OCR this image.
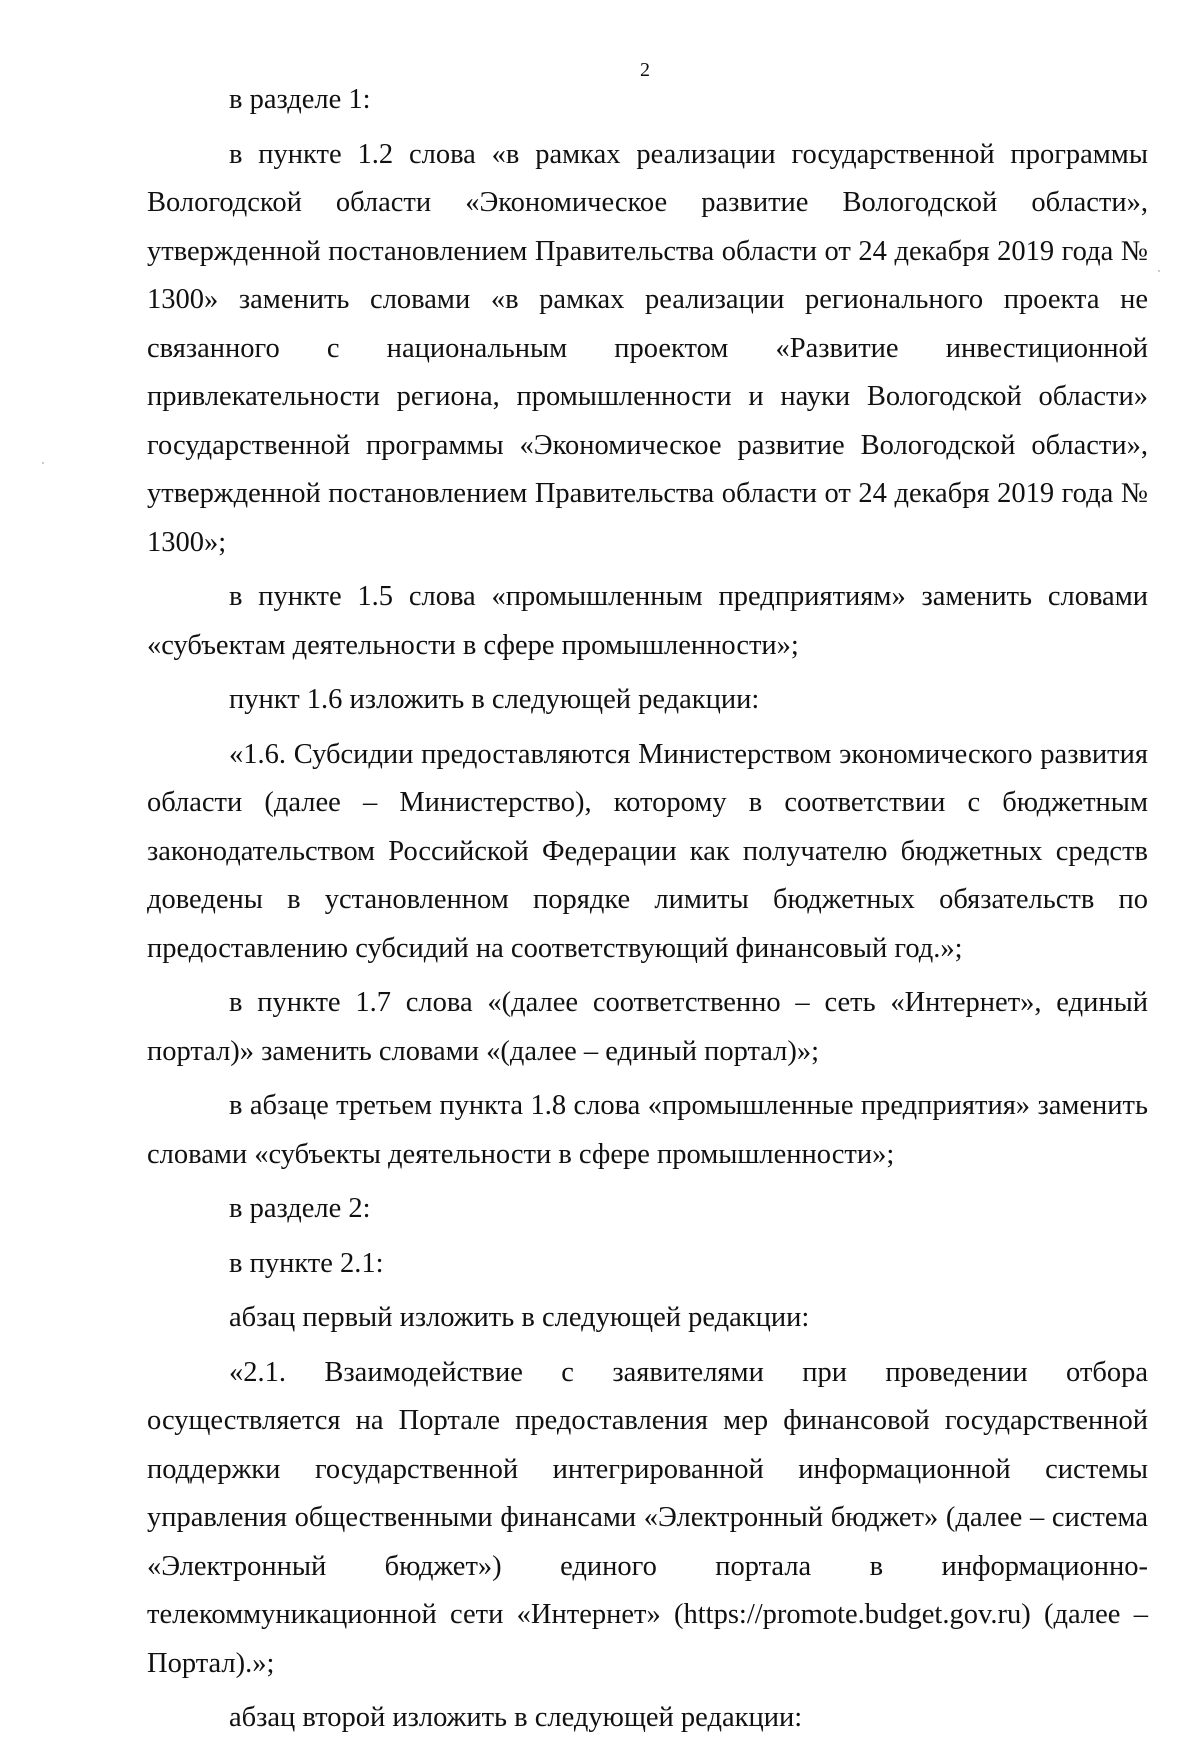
2

в разделе 1:

в пункте 1.2 слова «в рамках реализации государственной программы Вологодской области «Экономическое развитие Вологодской области», утвержденной постановлением Правительства области от 24 декабря 2019 года № 1300» заменить словами «в рамках реализации регионального проекта не связанного с национальным проектом «Развитие инвестиционной привлекательности региона, промышленности и науки Вологодской области» государственной программы «Экономическое развитие Вологодской области», утвержденной постановлением Правительства области от 24 декабря 2019 года № 1300»;

в пункте 1.5 слова «промышленным предприятиям» заменить словами «субъектам деятельности в сфере промышленности»;

пункт 1.6 изложить в следующей редакции:

«1.6. Субсидии предоставляются Министерством экономического развития области (далее – Министерство), которому в соответствии с бюджетным законодательством Российской Федерации как получателю бюджетных средств доведены в установленном порядке лимиты бюджетных обязательств по предоставлению субсидий на соответствующий финансовый год.»;

в пункте 1.7 слова «(далее соответственно – сеть «Интернет», единый портал)» заменить словами «(далее – единый портал)»;

в абзаце третьем пункта 1.8 слова «промышленные предприятия» заменить словами «субъекты деятельности в сфере промышленности»;

в разделе 2:

в пункте 2.1:

абзац первый изложить в следующей редакции:

«2.1. Взаимодействие с заявителями при проведении отбора осуществляется на Портале предоставления мер финансовой государственной поддержки государственной интегрированной информационной системы управления общественными финансами «Электронный бюджет» (далее – система «Электронный бюджет») единого портала в информационно-телекоммуникационной сети «Интернет» (https://promote.budget.gov.ru) (далее – Портал).»;

абзац второй изложить в следующей редакции:
